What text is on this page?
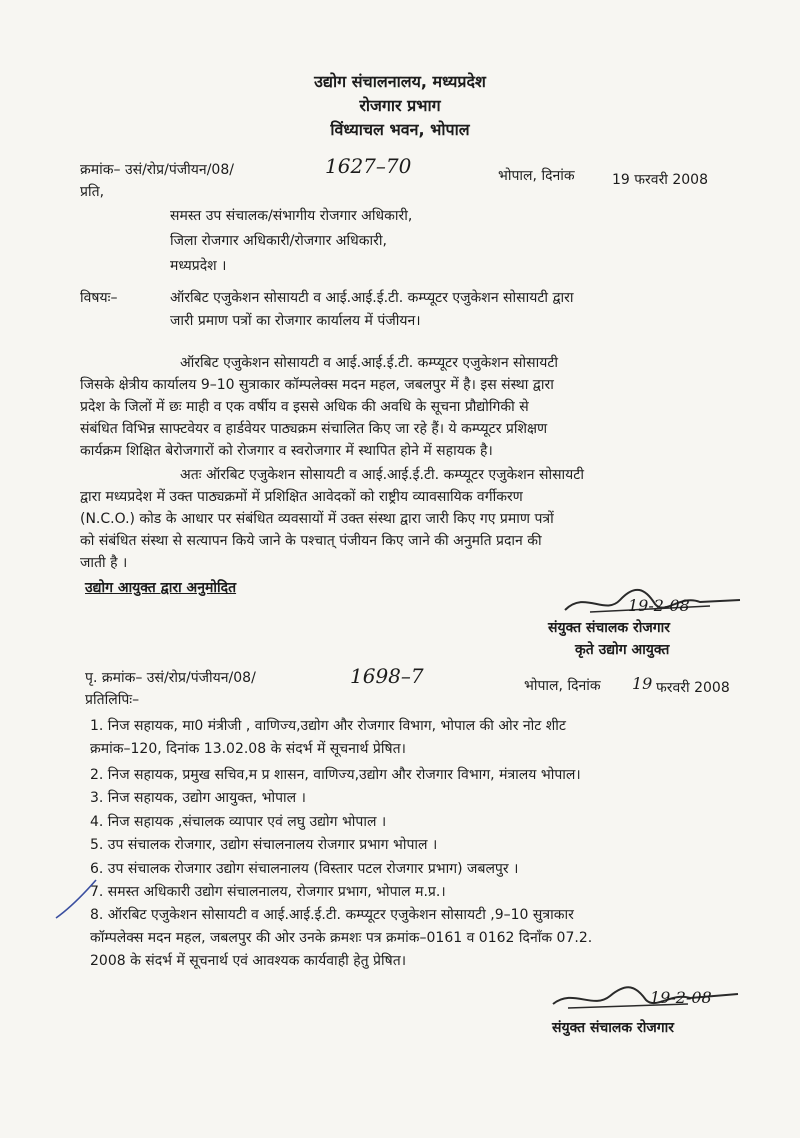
उद्योग संचालनालय, मध्यप्रदेश
रोजगार प्रभाग
विंध्याचल भवन, भोपाल
क्रमांक– उसं/रोप्र/पंजीयन/08/	1627–70	भोपाल, दिनांक	19 फरवरी 2008
प्रति,
समस्त उप संचालक/संभागीय रोजगार अधिकारी,
जिला रोजगार अधिकारी/रोजगार अधिकारी,
मध्यप्रदेश ।
विषयः–	ऑरबिट एजुकेशन सोसायटी व आई.आई.ई.टी. कम्प्यूटर एजुकेशन सोसायटी द्वारा
जारी प्रमाण पत्रों का रोजगार कार्यालय में पंजीयन।
ऑरबिट एजुकेशन सोसायटी व आई.आई.ई.टी. कम्प्यूटर एजुकेशन सोसायटी
जिसके क्षेत्रीय कार्यालय 9–10 सुत्राकार कॉम्पलेक्स मदन महल, जबलपुर में है। इस संस्था द्वारा
प्रदेश के जिलों में छः माही व एक वर्षीय व इससे अधिक की अवधि के सूचना प्रौद्योगिकी से
संबंधित विभिन्न साफ्टवेयर व हार्डवेयर पाठ्यक्रम संचालित किए जा रहे हैं। ये कम्प्यूटर प्रशिक्षण
कार्यक्रम शिक्षित बेरोजगारों को रोजगार व स्वरोजगार में स्थापित होने में सहायक है।
अतः ऑरबिट एजुकेशन सोसायटी व आई.आई.ई.टी. कम्प्यूटर एजुकेशन सोसायटी
द्वारा मध्यप्रदेश में उक्त पाठ्यक्रमों में प्रशिक्षित आवेदकों को राष्ट्रीय व्यावसायिक वर्गीकरण
(N.C.O.) कोड के आधार पर संबंधित व्यवसायों में उक्त संस्था द्वारा जारी किए गए प्रमाण पत्रों
को संबंधित संस्था से सत्यापन किये जाने के पश्चात् पंजीयन किए जाने की अनुमति प्रदान की
जाती है ।
उद्योग आयुक्त द्वारा अनुमोदित
19-2-08
संयुक्त संचालक रोजगार
कृते उद्योग आयुक्त
पृ. क्रमांक– उसं/रोप्र/पंजीयन/08/	1698–7	भोपाल, दिनांक 19 फरवरी 2008
प्रतिलिपिः–
1. निज सहायक, मा0 मंत्रीजी , वाणिज्य,उद्योग और रोजगार विभाग, भोपाल की ओर नोट शीट
क्रमांक–120, दिनांक 13.02.08 के संदर्भ में सूचनार्थ प्रेषित।
2. निज सहायक, प्रमुख सचिव,म प्र शासन, वाणिज्य,उद्योग और रोजगार विभाग, मंत्रालय भोपाल।
3. निज सहायक, उद्योग आयुक्त, भोपाल ।
4. निज सहायक ,संचालक व्यापार एवं लघु उद्योग भोपाल ।
5. उप संचालक रोजगार, उद्योग संचालनालय रोजगार प्रभाग भोपाल ।
6. उप संचालक रोजगार उद्योग संचालनालय (विस्तार पटल रोजगार प्रभाग) जबलपुर ।
7. समस्त अधिकारी उद्योग संचालनालय, रोजगार प्रभाग, भोपाल म.प्र.।
8. ऑरबिट एजुकेशन सोसायटी व आई.आई.ई.टी. कम्प्यूटर एजुकेशन सोसायटी ,9–10 सुत्राकार
कॉम्पलेक्स मदन महल, जबलपुर की ओर उनके क्रमशः पत्र क्रमांक–0161 व 0162 दिनाँक 07.2.
2008 के संदर्भ में सूचनार्थ एवं आवश्यक कार्यवाही हेतु प्रेषित।
19-2-08
संयुक्त संचालक रोजगार
